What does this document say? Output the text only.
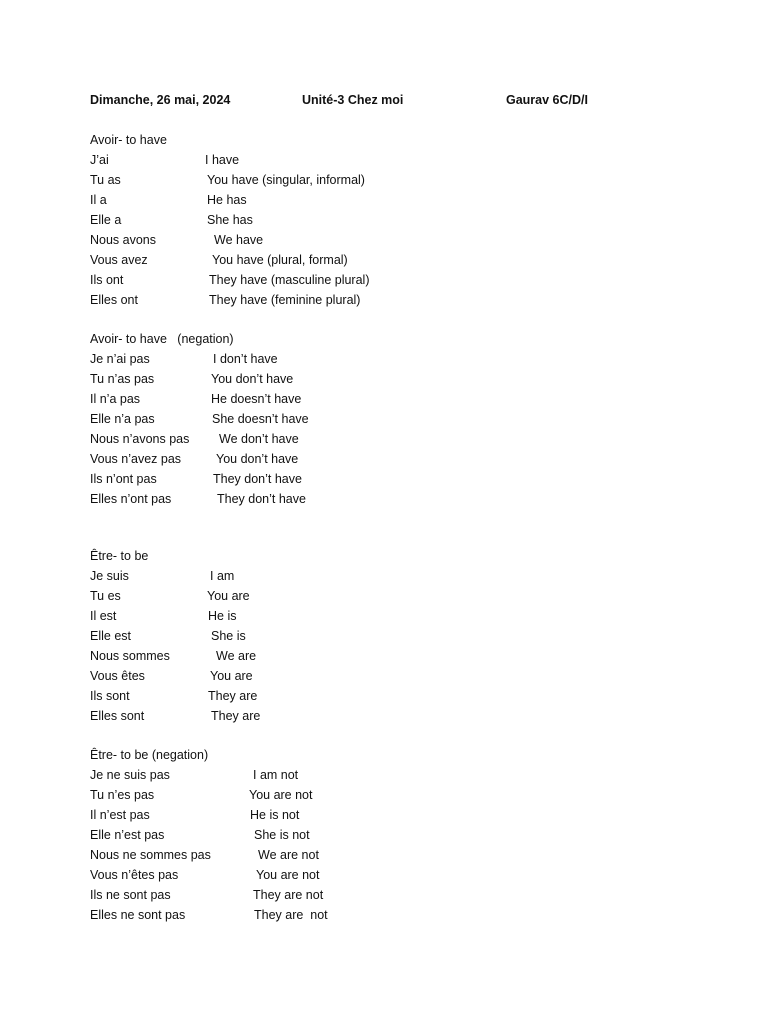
Dimanche, 26 mai, 2024	Unité-3 Chez moi	Gaurav 6C/D/I
Avoir- to have
J’ai	I have
Tu as	You have (singular, informal)
Il a	He has
Elle a	She has
Nous avons	We have
Vous avez	You have (plural, formal)
Ils ont	They have (masculine plural)
Elles ont	They have (feminine plural)
Avoir- to have   (negation)
Je n’ai pas	I don’t have
Tu n’as pas	You don’t have
Il n’a pas	He doesn’t have
Elle n’a pas	She doesn’t have
Nous n’avons pas We don’t have
Vous n’avez pas	You don’t have
Ils n’ont pas	They don’t have
Elles n’ont pas	They don’t have
Être- to be
Je suis	I am
Tu es	You are
Il est	He is
Elle est	She is
Nous sommes	We are
Vous êtes	You are
Ils sont	They are
Elles sont	They are
Être- to be (negation)
Je ne suis pas	I am not
Tu n’es pas	You are not
Il n’est pas	He is not
Elle n’est pas	She is not
Nous ne sommes pas	We are not
Vous n’êtes pas	You are not
Ils ne sont pas	They are not
Elles ne sont pas	They are  not
